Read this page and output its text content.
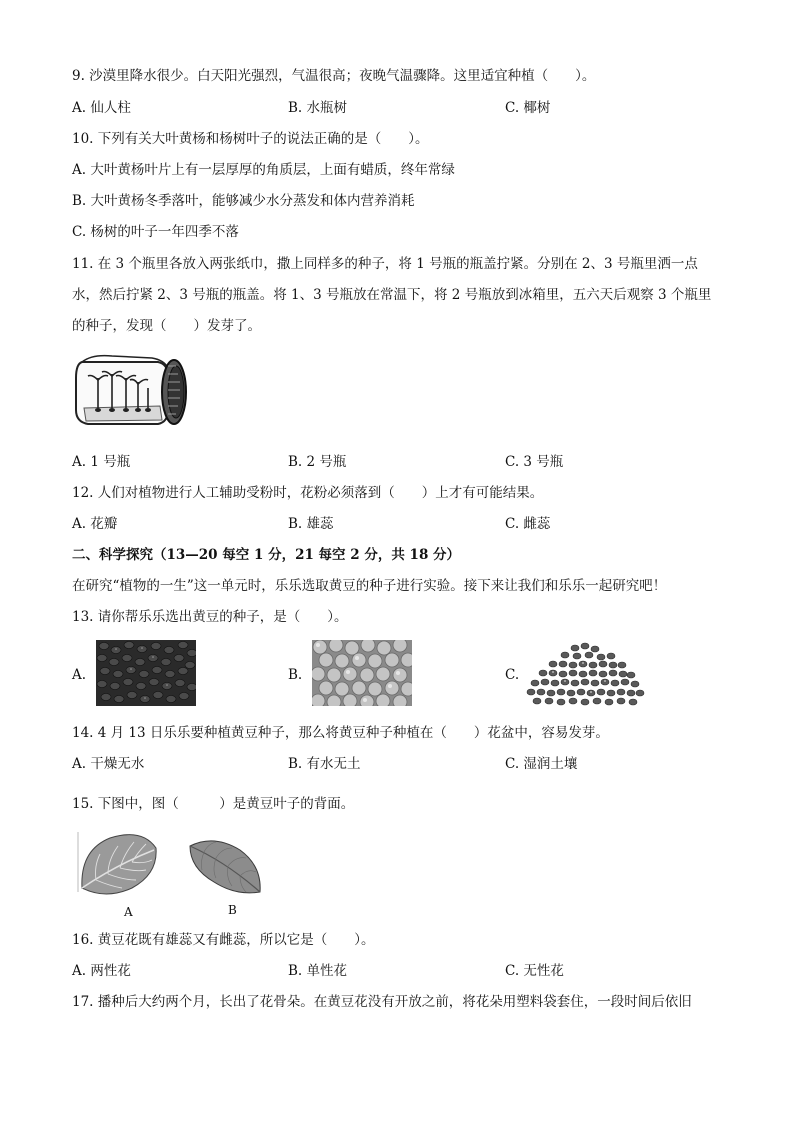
9. 沙漠里降水很少。白天阳光强烈，气温很高；夜晚气温骤降。这里适宜种植（　　）。
A. 仙人柱	B. 水瓶树	C. 椰树
10. 下列有关大叶黄杨和杨树叶子的说法正确的是（　　）。
A. 大叶黄杨叶片上有一层厚厚的角质层，上面有蜡质，终年常绿
B. 大叶黄杨冬季落叶，能够减少水分蒸发和体内营养消耗
C. 杨树的叶子一年四季不落
11. 在 3 个瓶里各放入两张纸巾，撒上同样多的种子，将 1 号瓶的瓶盖拧紧。分别在 2、3 号瓶里洒一点
水，然后拧紧 2、3 号瓶的瓶盖。将 1、3 号瓶放在常温下，将 2 号瓶放到冰箱里，五六天后观察 3 个瓶里
的种子，发现（　　）发芽了。
A. 1 号瓶	B. 2 号瓶	C. 3 号瓶
12. 人们对植物进行人工辅助受粉时，花粉必须落到（　　）上才有可能结果。
A. 花瓣	B. 雄蕊	C. 雌蕊
二、科学探究（13—20 每空 1 分，21 每空 2 分，共 18 分）
在研究“植物的一生”这一单元时，乐乐选取黄豆的种子进行实验。接下来让我们和乐乐一起研究吧！
13. 请你帮乐乐选出黄豆的种子，是（　　）。
A.	B.	C.
14. 4 月 13 日乐乐要种植黄豆种子，那么将黄豆种子种植在（　　）花盆中，容易发芽。
A. 干燥无水	B. 有水无土	C. 湿润土壤
15. 下图中，图（　　　）是黄豆叶子的背面。
A	B
16. 黄豆花既有雄蕊又有雌蕊，所以它是（　　）。
A. 两性花	B. 单性花	C. 无性花
17. 播种后大约两个月，长出了花骨朵。在黄豆花没有开放之前，将花朵用塑料袋套住，一段时间后依旧
